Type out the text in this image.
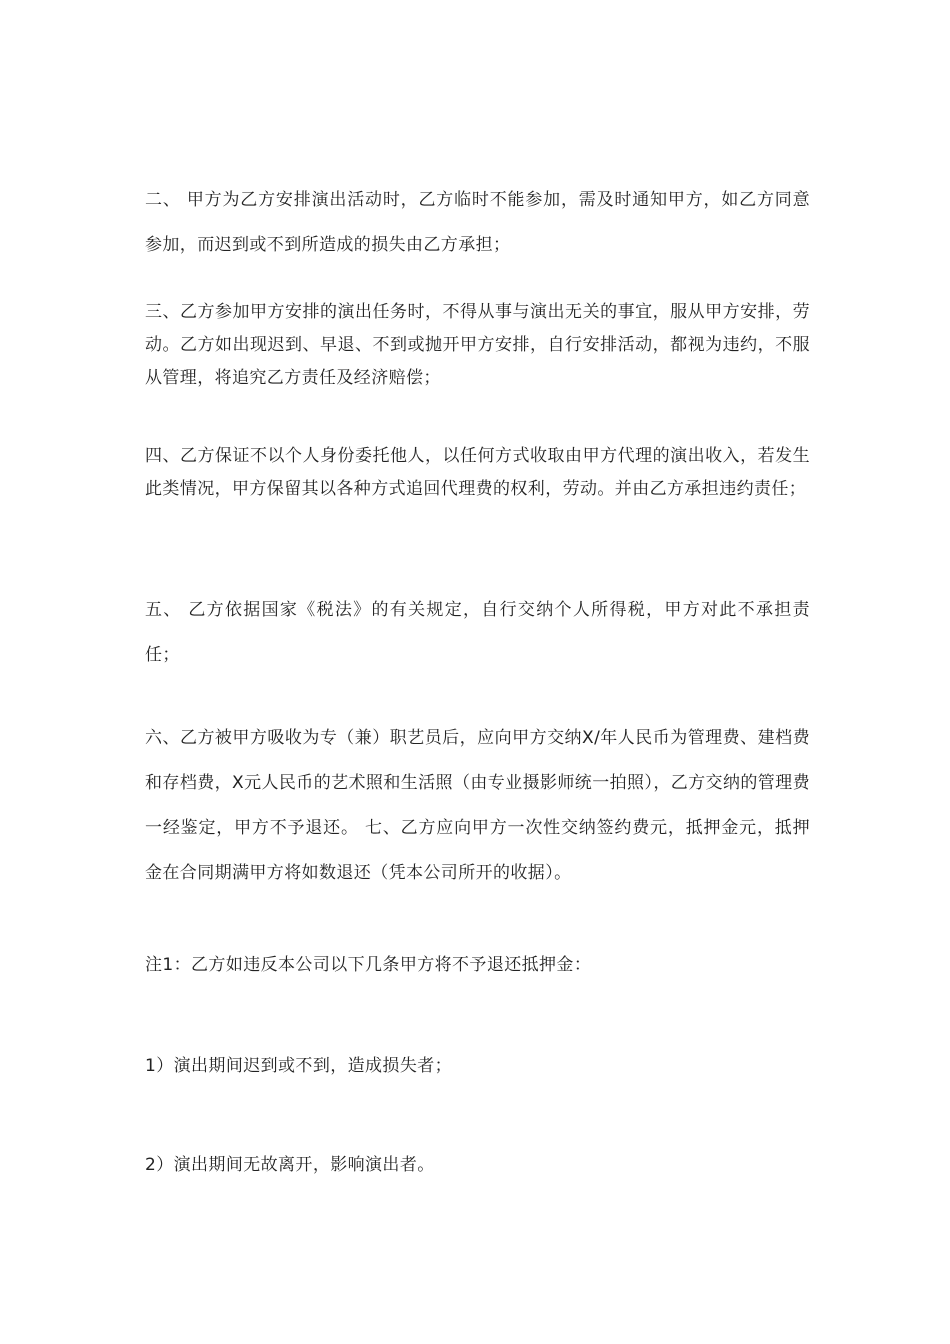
二、 甲方为乙方安排演出活动时，乙方临时不能参加，需及时通知甲方，如乙方同意参加，而迟到或不到所造成的损失由乙方承担；

三、乙方参加甲方安排的演出任务时，不得从事与演出无关的事宜，服从甲方安排，劳动。乙方如出现迟到、早退、不到或抛开甲方安排，自行安排活动，都视为违约，不服从管理，将追究乙方责任及经济赔偿；

四、乙方保证不以个人身份委托他人，以任何方式收取由甲方代理的演出收入，若发生此类情况，甲方保留其以各种方式追回代理费的权利，劳动。并由乙方承担违约责任；

五、 乙方依据国家《税法》的有关规定，自行交纳个人所得税，甲方对此不承担责任；

六、乙方被甲方吸收为专（兼）职艺员后，应向甲方交纳X/年人民币为管理费、建档费和存档费，X元人民币的艺术照和生活照（由专业摄影师统一拍照），乙方交纳的管理费一经鉴定，甲方不予退还。 七、乙方应向甲方一次性交纳签约费元，抵押金元，抵押金在合同期满甲方将如数退还（凭本公司所开的收据）。

注1：乙方如违反本公司以下几条甲方将不予退还抵押金：

1）演出期间迟到或不到，造成损失者；

2）演出期间无故离开，影响演出者。
